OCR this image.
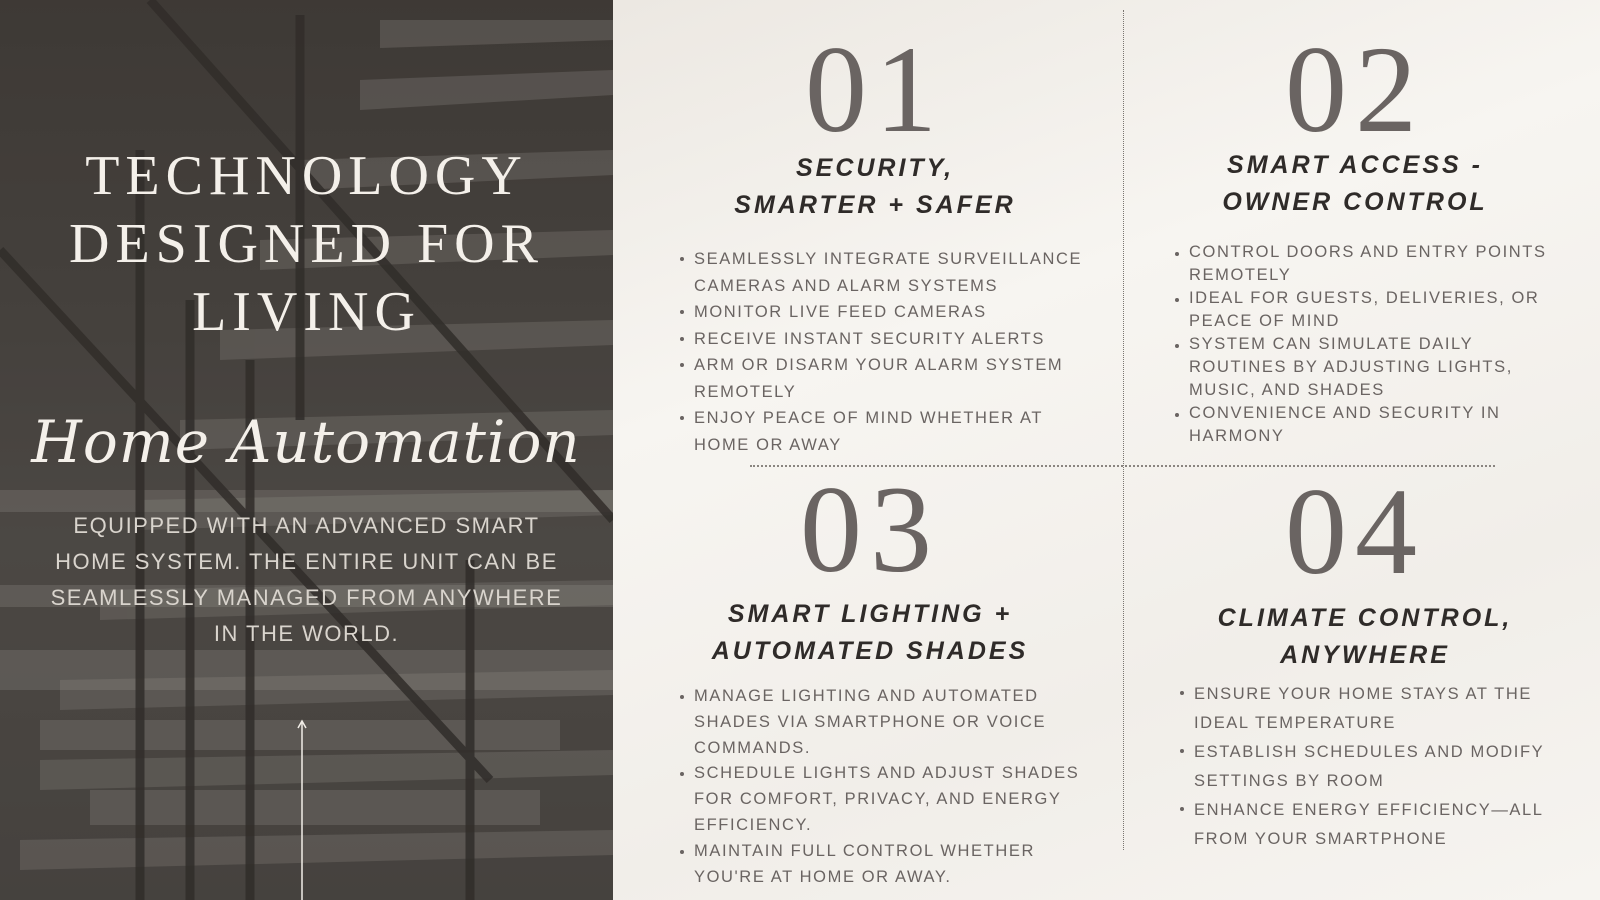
TECHNOLOGY
DESIGNED FOR
LIVING
Home Automation
EQUIPPED WITH AN ADVANCED SMART HOME SYSTEM. THE ENTIRE UNIT CAN BE SEAMLESSLY MANAGED FROM ANYWHERE IN THE WORLD.
01
SECURITY,
SMARTER + SAFER
SEAMLESSLY INTEGRATE SURVEILLANCE CAMERAS AND ALARM SYSTEMS
MONITOR LIVE FEED CAMERAS
RECEIVE INSTANT SECURITY ALERTS
ARM OR DISARM YOUR ALARM SYSTEM REMOTELY
ENJOY PEACE OF MIND WHETHER AT HOME OR AWAY
02
SMART ACCESS -
OWNER CONTROL
CONTROL DOORS AND ENTRY POINTS REMOTELY
IDEAL FOR GUESTS, DELIVERIES, OR PEACE OF MIND
SYSTEM CAN SIMULATE DAILY ROUTINES BY ADJUSTING LIGHTS, MUSIC, AND SHADES
CONVENIENCE AND SECURITY IN HARMONY
03
SMART LIGHTING +
AUTOMATED SHADES
MANAGE LIGHTING AND AUTOMATED SHADES VIA SMARTPHONE OR VOICE COMMANDS.
SCHEDULE LIGHTS AND ADJUST SHADES FOR COMFORT, PRIVACY, AND ENERGY EFFICIENCY.
MAINTAIN FULL CONTROL WHETHER YOU'RE AT HOME OR AWAY.
04
CLIMATE CONTROL,
ANYWHERE
ENSURE YOUR HOME STAYS AT THE IDEAL TEMPERATURE
ESTABLISH SCHEDULES AND MODIFY SETTINGS BY ROOM
ENHANCE ENERGY EFFICIENCY—ALL FROM YOUR SMARTPHONE
